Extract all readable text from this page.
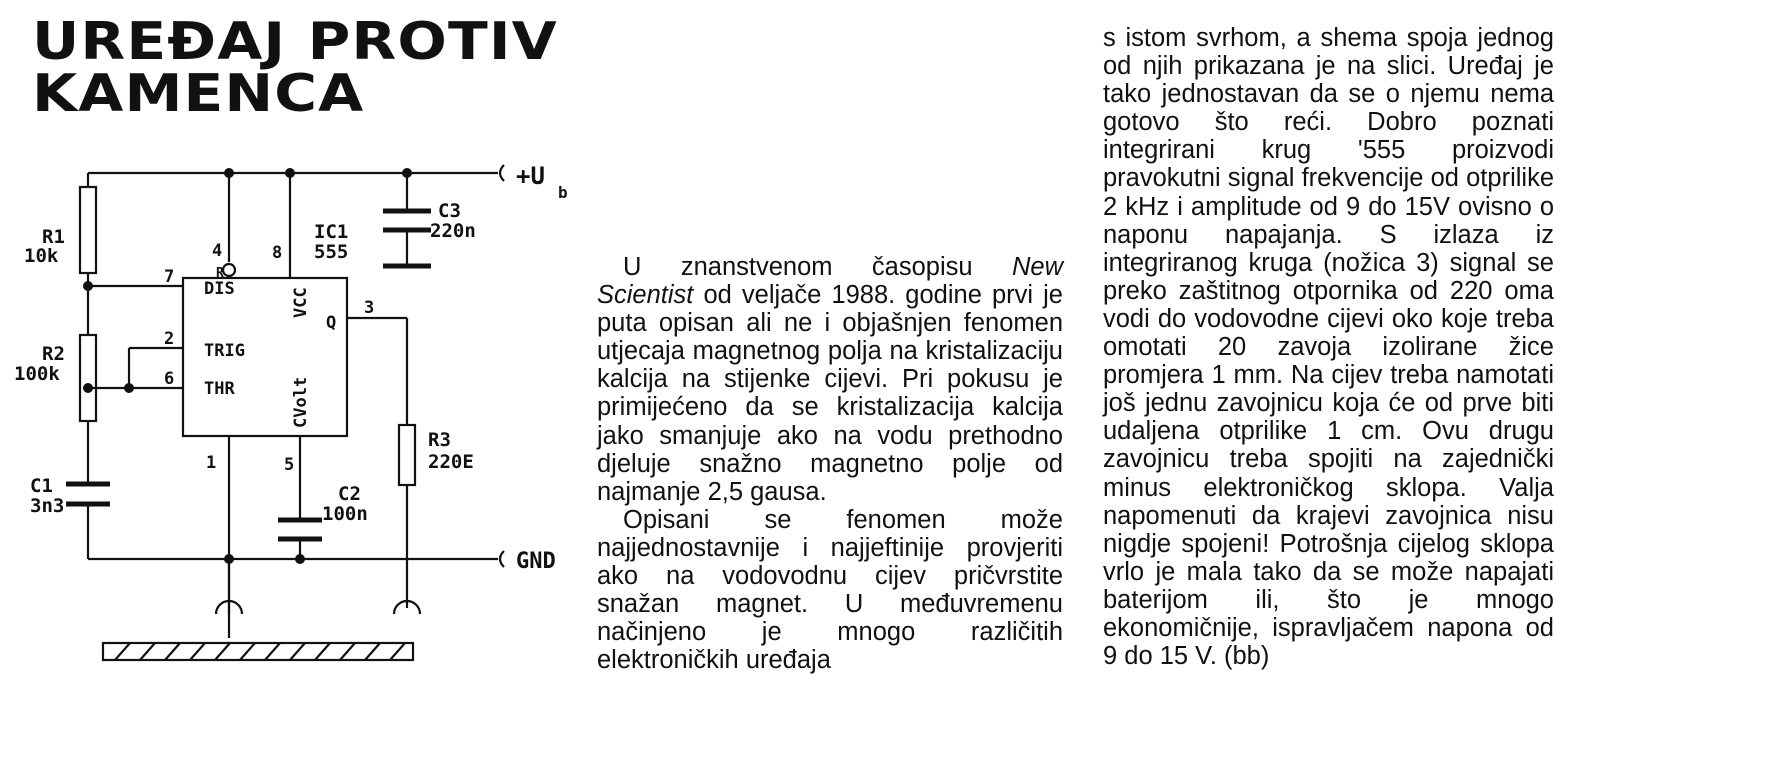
UREĐAJ PROTIV
KAMENCA
R1
10k
R2
100k
C1
3n3
C2
100n
C3
220n
R3
220E
IC1
555
+U
b
GND
7
2
6
3
4	8
1	5
DIS
R
TRIG
THR
Q
VCC
CVolt

U znanstvenom časopisu New Scientist od veljače 1988. godine prvi je puta opisan ali ne i objašnjen fenomen utjecaja magnetnog polja na kristalizaciju kalcija na stijenke cijevi. Pri pokusu je primijećeno da se kristalizacija kalcija jako smanjuje ako na vodu prethodno djeluje snažno magnetno polje od najmanje 2,5 gausa.

Opisani se fenomen može najjednostavnije i najjeftinije provjeriti ako na vodovodnu cijev pričvrstite snažan magnet. U međuvremenu načinjeno je mnogo različitih elektroničkih uređaja

s istom svrhom, a shema spoja jednog od njih prikazana je na slici. Uređaj je tako jednostavan da se o njemu nema gotovo što reći. Dobro poznati integrirani krug '555 proizvodi pravokutni signal frekvencije od otprilike 2 kHz i amplitude od 9 do 15V ovisno o naponu napajanja. S izlaza iz integriranog kruga (nožica 3) signal se preko zaštitnog otpornika od 220 oma vodi do vodovodne cijevi oko koje treba omotati 20 zavoja izolirane žice promjera 1 mm. Na cijev treba namotati još jednu zavojnicu koja će od prve biti udaljena otprilike 1 cm. Ovu drugu zavojnicu treba spojiti na zajednički minus elektroničkog sklopa. Valja napomenuti da krajevi zavojnica nisu nigdje spojeni! Potrošnja cijelog sklopa vrlo je mala tako da se može napajati baterijom ili, što je mnogo ekonomičnije, ispravljačem napona od 9 do 15 V. (bb)
